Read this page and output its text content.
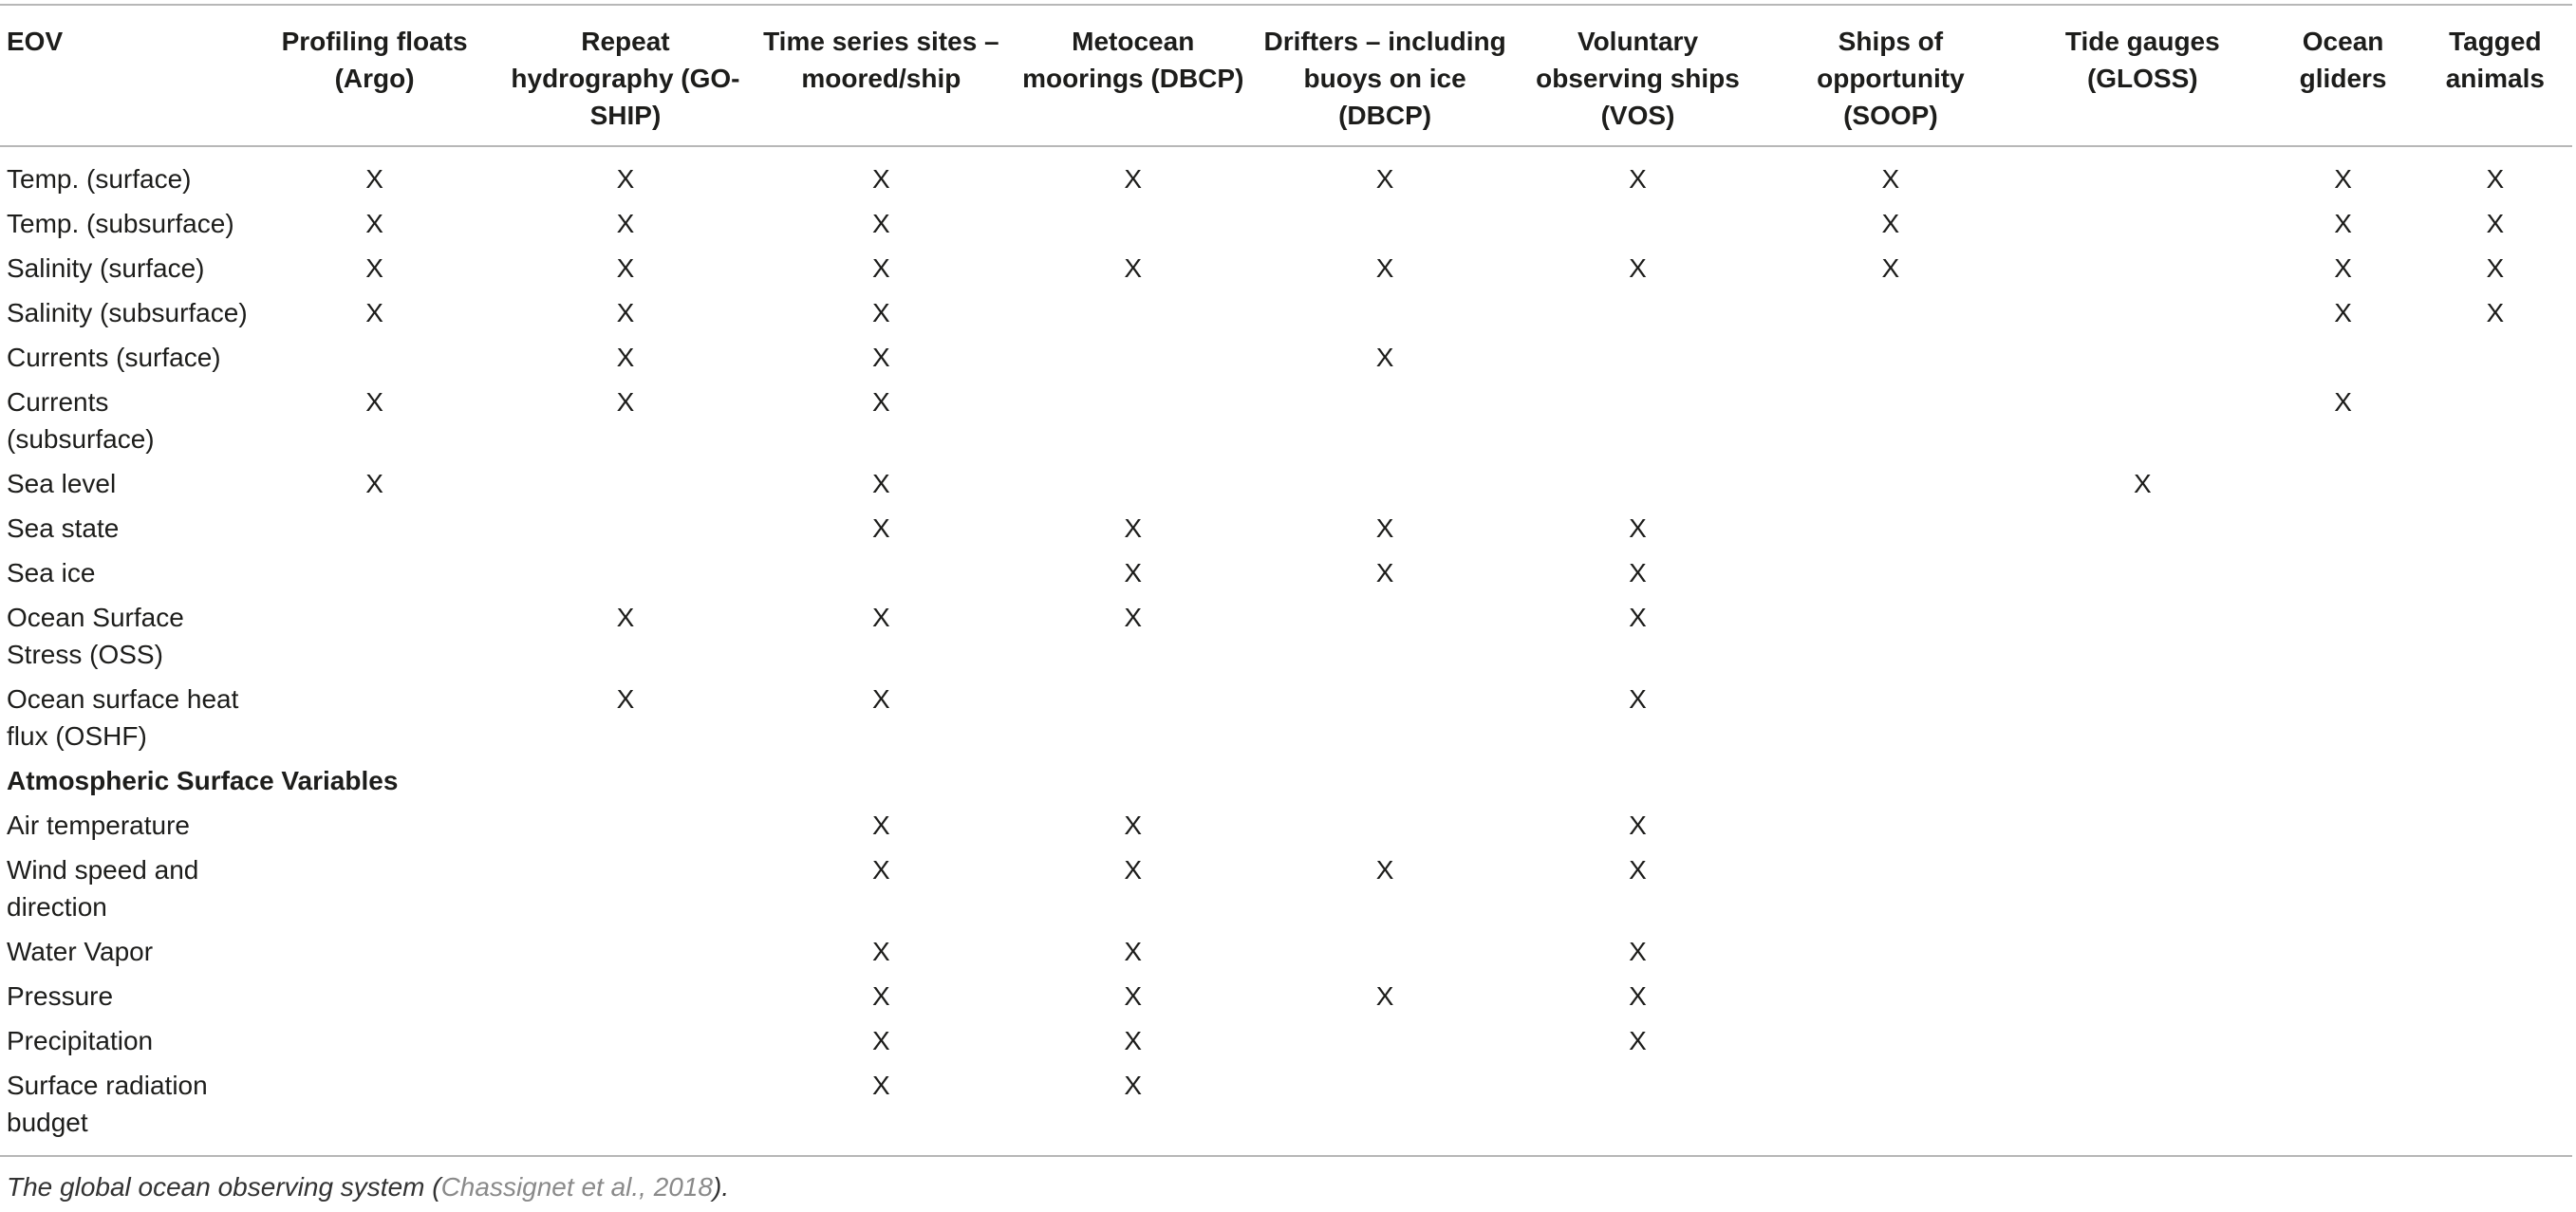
EOV	Profiling floats (Argo)	Repeat hydrography (GO-SHIP)	Time series sites – moored/ship	Metocean moorings (DBCP)	Drifters – including buoys on ice (DBCP)	Voluntary observing ships (VOS)	Ships of opportunity (SOOP)	Tide gauges (GLOSS)	Ocean gliders	Tagged animals
Temp. (surface)	X	X	X	X	X	X	X		X	X
Temp. (subsurface)	X	X	X				X		X	X
Salinity (surface)	X	X	X	X	X	X	X		X	X
Salinity (subsurface)	X	X	X						X	X
Currents (surface)		X	X		X					
Currents (subsurface)	X	X	X						X	
Sea level	X		X					X		
Sea state			X	X	X	X				
Sea ice				X	X	X				
Ocean Surface Stress (OSS)		X	X	X		X				
Ocean surface heat flux (OSHF)		X	X			X				
Atmospheric Surface Variables										
Air temperature			X	X		X				
Wind speed and direction			X	X	X	X				
Water Vapor			X	X		X				
Pressure			X	X	X	X				
Precipitation			X	X		X				
Surface radiation budget			X	X						
The global ocean observing system (Chassignet et al., 2018).
